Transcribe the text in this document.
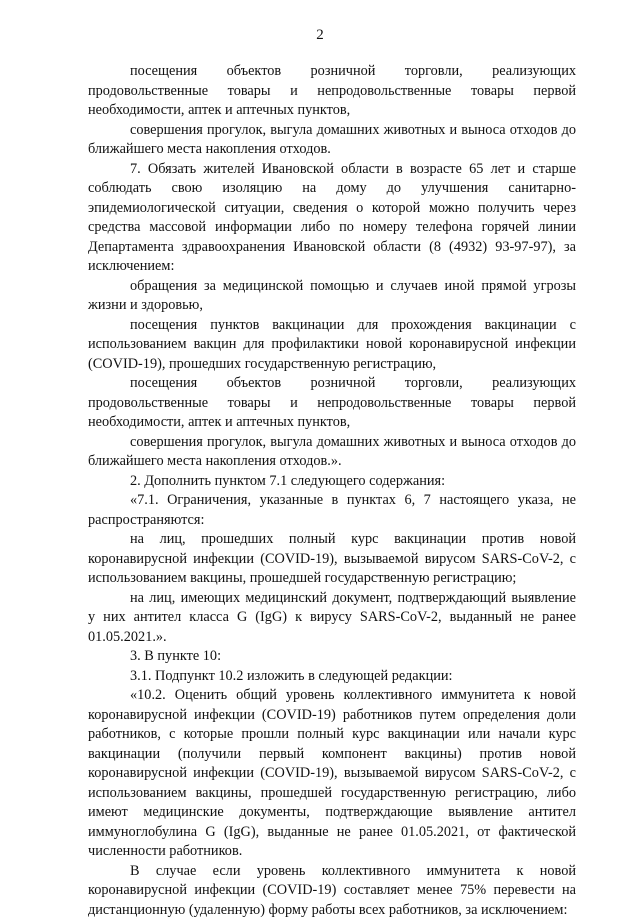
2

посещения объектов розничной торговли, реализующих продовольственные товары и непродовольственные товары первой необходимости, аптек и аптечных пунктов,

совершения прогулок, выгула домашних животных и выноса отходов до ближайшего места накопления отходов.

7. Обязать жителей Ивановской области в возрасте 65 лет и старше соблюдать свою изоляцию на дому до улучшения санитарно-эпидемиологической ситуации, сведения о которой можно получить через средства массовой информации либо по номеру телефона горячей линии Департамента здравоохранения Ивановской области (8 (4932) 93-97-97), за исключением:

обращения за медицинской помощью и случаев иной прямой угрозы жизни и здоровью,

посещения пунктов вакцинации для прохождения вакцинации с использованием вакцин для профилактики новой коронавирусной инфекции (COVID-19), прошедших государственную регистрацию,

посещения объектов розничной торговли, реализующих продовольственные товары и непродовольственные товары первой необходимости, аптек и аптечных пунктов,

совершения прогулок, выгула домашних животных и выноса отходов до ближайшего места накопления отходов.».

2. Дополнить пунктом 7.1 следующего содержания:

«7.1. Ограничения, указанные в пунктах 6, 7 настоящего указа, не распространяются:

на лиц, прошедших полный курс вакцинации против новой коронавирусной инфекции (COVID-19), вызываемой вирусом SARS-CoV-2, с использованием вакцины, прошедшей государственную регистрацию;

на лиц, имеющих медицинский документ, подтверждающий выявление у них антител класса G (IgG) к вирусу SARS-CoV-2, выданный не ранее 01.05.2021.».

3. В пункте 10:

3.1. Подпункт 10.2 изложить в следующей редакции:

«10.2. Оценить общий уровень коллективного иммунитета к новой коронавирусной инфекции (COVID-19) работников путем определения доли работников, с которые прошли полный курс вакцинации или начали курс вакцинации (получили первый компонент вакцины) против новой коронавирусной инфекции (COVID-19), вызываемой вирусом SARS-CoV-2, с использованием вакцины, прошедшей государственную регистрацию, либо имеют медицинские документы, подтверждающие выявление антител иммуноглобулина G (IgG), выданные не ранее 01.05.2021, от фактической численности работников.

В случае если уровень коллективного иммунитета к новой коронавирусной инфекции (COVID-19) составляет менее 75% перевести на дистанционную (удаленную) форму работы всех работников, за исключением:
